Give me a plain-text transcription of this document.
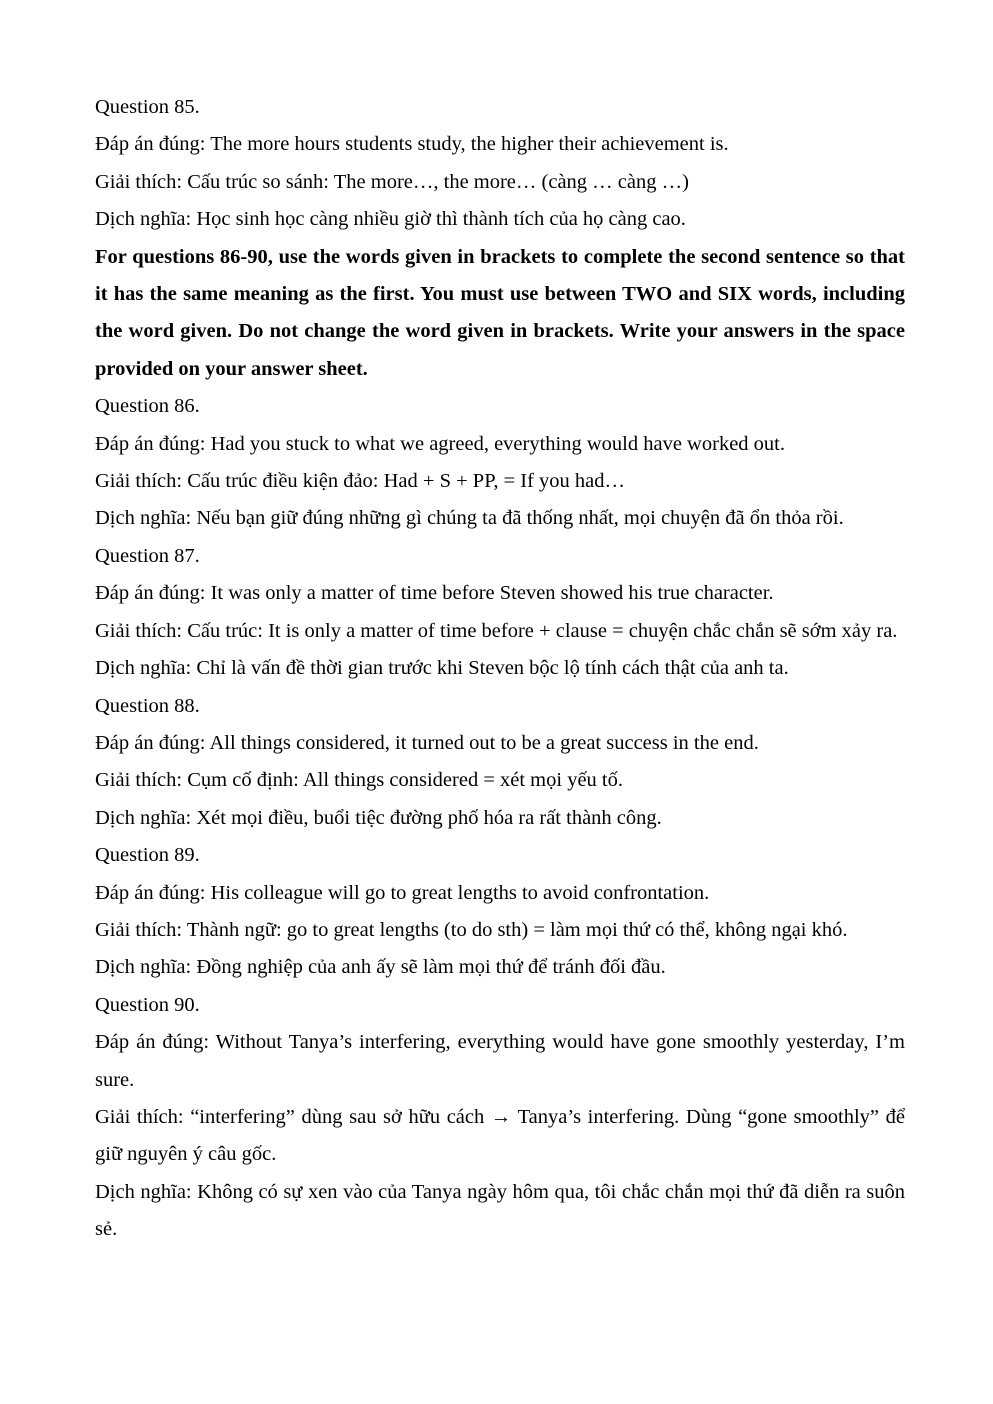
Question 85.

Đáp án đúng: The more hours students study, the higher their achievement is.

Giải thích: Cấu trúc so sánh: The more…, the more… (càng … càng …)

Dịch nghĩa: Học sinh học càng nhiều giờ thì thành tích của họ càng cao.

For questions 86-90, use the words given in brackets to complete the second sentence so that it has the same meaning as the first. You must use between TWO and SIX words, including the word given. Do not change the word given in brackets. Write your answers in the space provided on your answer sheet.

Question 86.

Đáp án đúng: Had you stuck to what we agreed, everything would have worked out.

Giải thích: Cấu trúc điều kiện đảo: Had + S + PP, = If you had…

Dịch nghĩa: Nếu bạn giữ đúng những gì chúng ta đã thống nhất, mọi chuyện đã ổn thỏa rồi.

Question 87.

Đáp án đúng: It was only a matter of time before Steven showed his true character.

Giải thích: Cấu trúc: It is only a matter of time before + clause = chuyện chắc chắn sẽ sớm xảy ra.

Dịch nghĩa: Chỉ là vấn đề thời gian trước khi Steven bộc lộ tính cách thật của anh ta.

Question 88.

Đáp án đúng: All things considered, it turned out to be a great success in the end.

Giải thích: Cụm cố định: All things considered = xét mọi yếu tố.

Dịch nghĩa: Xét mọi điều, buổi tiệc đường phố hóa ra rất thành công.

Question 89.

Đáp án đúng: His colleague will go to great lengths to avoid confrontation.

Giải thích: Thành ngữ: go to great lengths (to do sth) = làm mọi thứ có thể, không ngại khó.

Dịch nghĩa: Đồng nghiệp của anh ấy sẽ làm mọi thứ để tránh đối đầu.

Question 90.

Đáp án đúng: Without Tanya’s interfering, everything would have gone smoothly yesterday, I’m sure.

Giải thích: “interfering” dùng sau sở hữu cách → Tanya’s interfering. Dùng “gone smoothly” để giữ nguyên ý câu gốc.

Dịch nghĩa: Không có sự xen vào của Tanya ngày hôm qua, tôi chắc chắn mọi thứ đã diễn ra suôn sẻ.
